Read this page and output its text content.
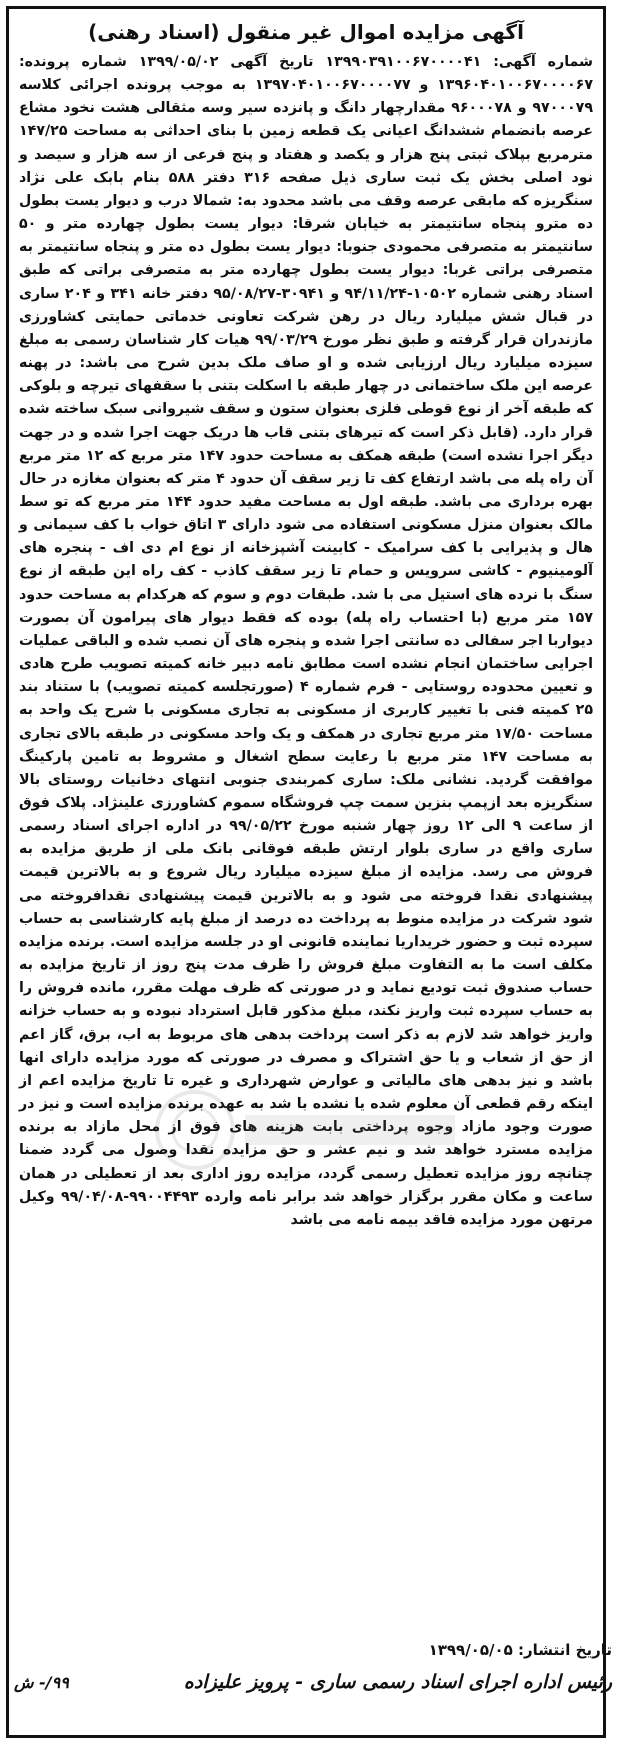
آگهی مزایده اموال غیر منقول (اسناد رهنی)

شماره آگهی: ۱۳۹۹۰۳۹۱۰۰۶۷۰۰۰۰۴۱ تاریخ آگهی ۱۳۹۹/۰۵/۰۲ شماره پرونده: ۱۳۹۶۰۴۰۱۰۰۶۷۰۰۰۰۶۷ و ۱۳۹۷۰۴۰۱۰۰۶۷۰۰۰۰۷۷ به موجب پرونده اجرائی کلاسه ۹۷۰۰۰۷۹ و ۹۶۰۰۰۷۸ مقدارچهار دانگ و پانزده سیر وسه مثقالی هشت نخود مشاع عرصه بانضمام ششدانگ اعیانی یک قطعه زمین با بنای احداثی به مساحت ۱۴۷/۲۵ مترمربع بپلاک ثبتی پنج هزار و یکصد و هفتاد و پنج فرعی از سه هزار و سیصد و نود اصلی بخش یک ثبت ساری ذیل صفحه ۳۱۶ دفتر ۵۸۸ بنام بابک علی نژاد سنگریزه که مابقی عرصه وقف می باشد محدود به: شمالا درب و دیوار یست بطول ده مترو پنجاه سانتیمتر به خیابان شرقا: دیوار یست بطول چهارده متر و ۵۰ سانتیمتر به متصرفی محمودی جنوبا: دیوار یست بطول ده متر و پنجاه سانتیمتر به متصرفی براتی غربا: دیوار یست بطول چهارده متر به متصرفی براتی که طبق اسناد رهنی شماره ۱۰۵۰۲-۹۴/۱۱/۲۴ و ۳۰۹۴۱-۹۵/۰۸/۲۷ دفتر خانه ۳۴۱ و ۲۰۴ ساری در قبال شش میلیارد ریال در رهن شرکت تعاونی خدماتی حمایتی کشاورزی مازندران قرار گرفته و طبق نظر مورخ ۹۹/۰۳/۲۹ هیات کار شناسان رسمی به مبلغ سیزده میلیارد ریال ارزیابی شده و او صاف ملک بدین شرح می باشد: در پهنه عرصه این ملک ساختمانی در چهار طبقه با اسکلت بتنی با سقفهای تیرچه و بلوکی که طبقه آخر از نوع قوطی فلزی بعنوان ستون و سقف شیروانی سبک ساخته شده قرار دارد. (قابل ذکر است که تیرهای بتنی قاب ها دریک جهت اجرا شده و در جهت دیگر اجرا نشده است) طبقه همکف به مساحت حدود ۱۴۷ متر مربع که ۱۲ متر مربع آن راه پله می باشد ارتفاع کف تا زیر سقف آن حدود ۴ متر که بعنوان مغازه در حال بهره برداری می باشد. طبقه اول به مساحت مفید حدود ۱۴۴ متر مربع که تو سط مالک بعنوان منزل مسکونی استفاده می شود دارای ۳ اتاق خواب با کف سیمانی و هال و پذیرایی با کف سرامیک - کابینت آشپزخانه از نوع ام دی اف - پنجره های آلومینیوم - کاشی سرویس و حمام تا زیر سقف کاذب - کف راه این طبقه از نوع سنگ با نرده های استیل می با شد. طبقات دوم و سوم که هرکدام به مساحت حدود ۱۵۷ متر مربع (با احتساب راه پله) بوده که فقط دیوار های پیرامون آن بصورت دیواربا اجر سفالی ده سانتی اجرا شده و پنجره های آن نصب شده و الباقی عملیات اجرایی ساختمان انجام نشده است مطابق نامه دبیر خانه کمیته تصویب طرح هادی و تعیین محدوده روستایی - فرم شماره ۴ (صورتجلسه کمیته تصویب) با ستناد بند ۲۵ کمیته فنی با تغییر کاربری از مسکونی به تجاری مسکونی با شرح یک واحد به مساحت ۱۷/۵۰ متر مربع تجاری در همکف و یک واحد مسکونی در طبقه بالای تجاری به مساحت ۱۴۷ متر مربع با رعایت سطح اشغال و مشروط به تامین پارکینگ موافقت گردید. نشانی ملک: ساری کمربندی جنوبی انتهای دخانیات روستای بالا سنگریزه بعد ازپمپ بنزین سمت چپ فروشگاه سموم کشاورزی علینژاد. پلاک فوق از ساعت ۹ الی ۱۲ روز چهار شنبه مورخ ۹۹/۰۵/۲۲ در اداره اجرای اسناد رسمی ساری واقع در ساری بلوار ارتش طبقه فوقانی بانک ملی از طریق مزایده به فروش می رسد. مزایده از مبلغ سیزده میلیارد ریال شروع و به بالاترین قیمت پیشنهادی نقدا فروخته می شود و به بالاترین قیمت پیشنهادی نقدافروخته می شود شرکت در مزایده منوط به پرداخت ده درصد از مبلغ پایه کارشناسی به حساب سپرده ثبت و حضور خریداریا نماینده قانونی او در جلسه مزایده است. برنده مزایده مکلف است ما به التفاوت مبلغ فروش را ظرف مدت پنج روز از تاریخ مزایده به حساب صندوق ثبت تودیع نماید و در صورتی که ظرف مهلت مقرر، مانده فروش را به حساب سپرده ثبت واریز نکند، مبلغ مذکور قابل استرداد نبوده و به حساب خزانه واریز خواهد شد لازم به ذکر است پرداخت بدهی های مربوط به اب، برق، گاز اعم از حق از شعاب و یا حق اشتراک و مصرف در صورتی که مورد مزایده دارای انها باشد و نیز بدهی های مالیاتی و عوارض شهرداری و غیره تا تاریخ مزایده اعم از اینکه رقم قطعی آن معلوم شده یا نشده با شد به عهده برنده مزایده است و نیز در صورت وجود مازاد وجوه پرداختی بابت هزینه های فوق از محل مازاد به برنده مزایده مسترد خواهد شد و نیم عشر و حق مزایده نقدا وصول می گردد ضمنا چنانچه روز مزایده تعطیل رسمی گردد، مزایده روز اداری بعد از تعطیلی در همان ساعت و مکان مقرر برگزار خواهد شد برابر نامه وارده ۹۹۰۰۴۴۹۳-۹۹/۰۴/۰۸ وکیل مرتهن مورد مزایده فاقد بیمه نامه می باشد

تاریخ انتشار: ۱۳۹۹/۰۵/۰۵
رئیس اداره اجرای اسناد رسمی ساری - پرویز علیزاده
۹۹/- ش
